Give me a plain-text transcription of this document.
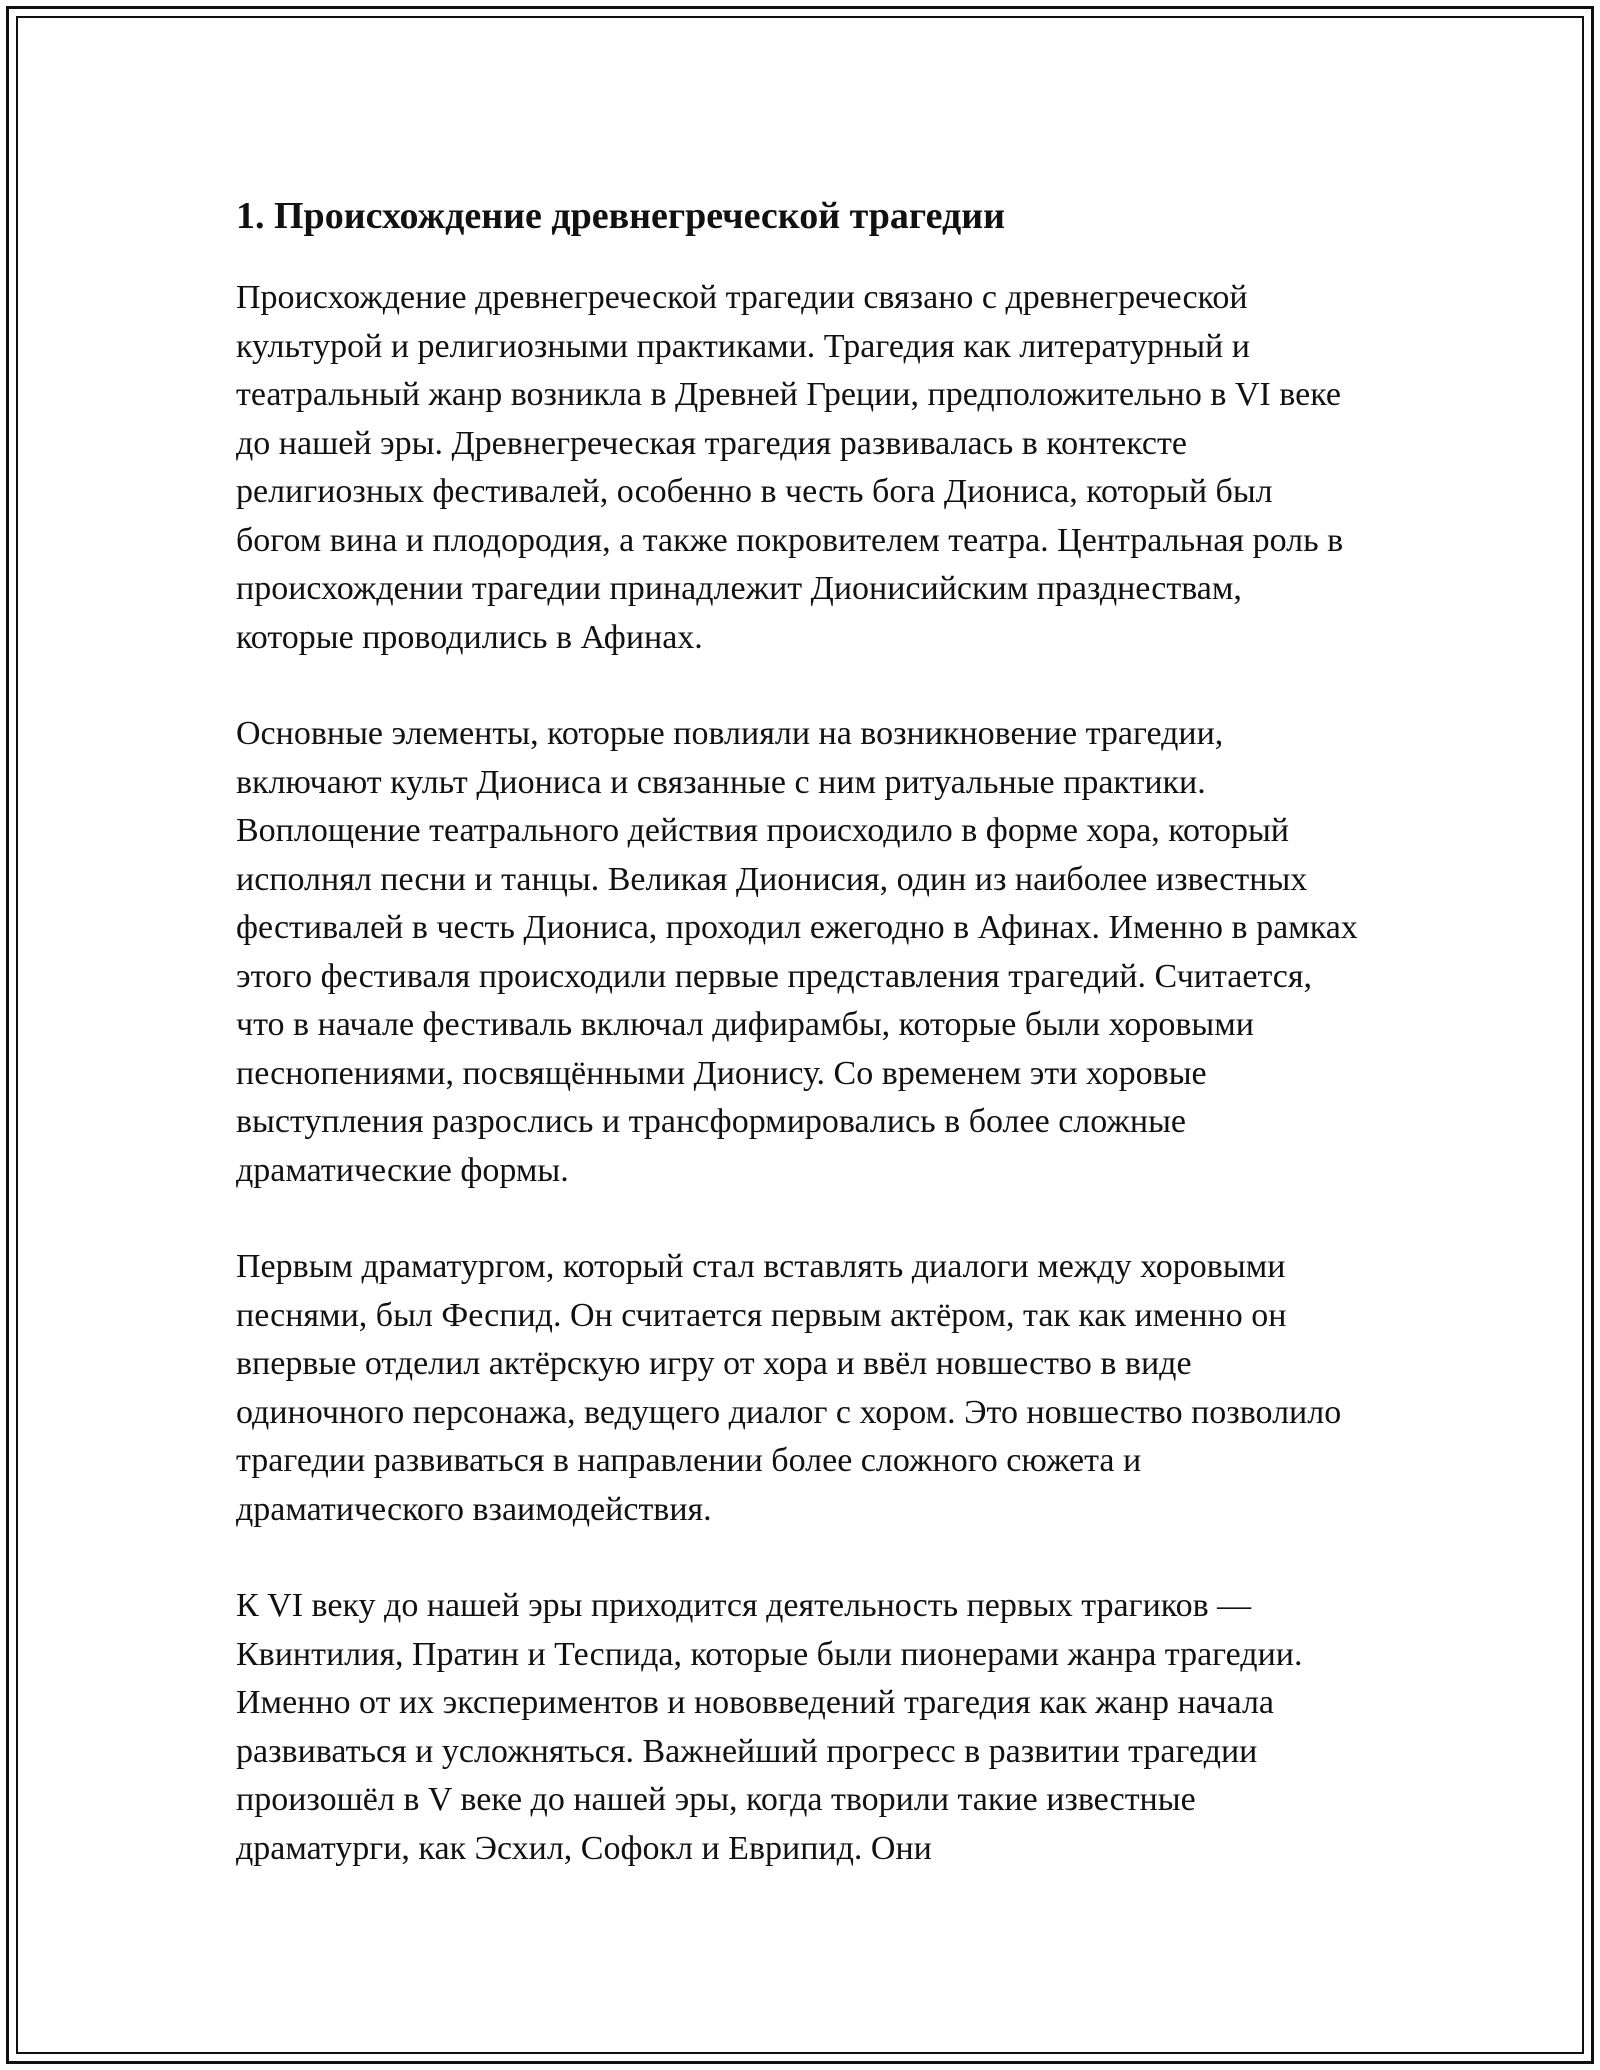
1. Происхождение древнегреческой трагедии

Происхождение древнегреческой трагедии связано с древнегреческой культурой и религиозными практиками. Трагедия как литературный и театральный жанр возникла в Древней Греции, предположительно в VI веке до нашей эры. Древнегреческая трагедия развивалась в контексте религиозных фестивалей, особенно в честь бога Диониса, который был богом вина и плодородия, а также покровителем театра. Центральная роль в происхождении трагедии принадлежит Дионисийским празднествам, которые проводились в Афинах.

Основные элементы, которые повлияли на возникновение трагедии, включают культ Диониса и связанные с ним ритуальные практики. Воплощение театрального действия происходило в форме хора, который исполнял песни и танцы. Великая Дионисия, один из наиболее известных фестивалей в честь Диониса, проходил ежегодно в Афинах. Именно в рамках этого фестиваля происходили первые представления трагедий. Считается, что в начале фестиваль включал дифирамбы, которые были хоровыми песнопениями, посвящёнными Дионису. Со временем эти хоровые выступления разрослись и трансформировались в более сложные драматические формы.

Первым драматургом, который стал вставлять диалоги между хоровыми песнями, был Феспид. Он считается первым актёром, так как именно он впервые отделил актёрскую игру от хора и ввёл новшество в виде одиночного персонажа, ведущего диалог с хором. Это новшество позволило трагедии развиваться в направлении более сложного сюжета и драматического взаимодействия.

К VI веку до нашей эры приходится деятельность первых трагиков — Квинтилия, Пратин и Теспида, которые были пионерами жанра трагедии. Именно от их экспериментов и нововведений трагедия как жанр начала развиваться и усложняться. Важнейший прогресс в развитии трагедии произошёл в V веке до нашей эры, когда творили такие известные драматурги, как Эсхил, Софокл и Еврипид. Они
